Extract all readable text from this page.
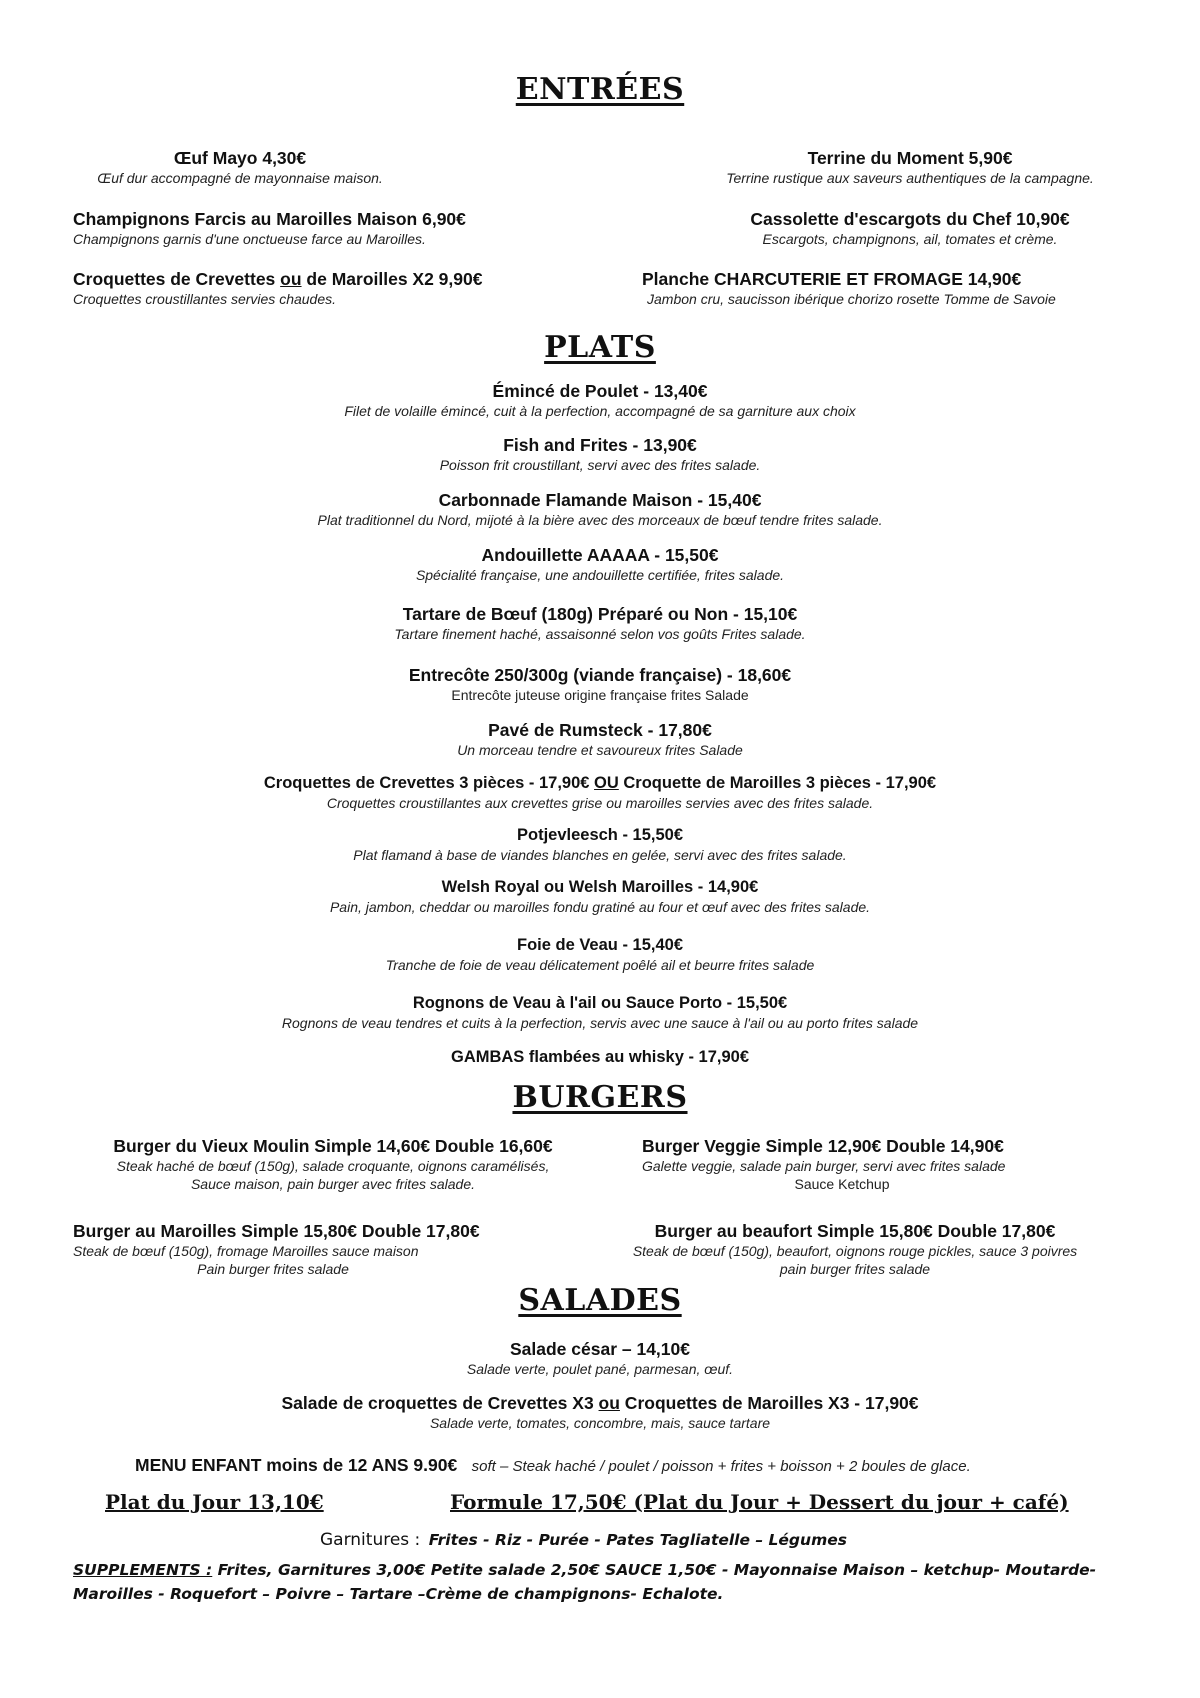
ENTRÉES
Œuf Mayo 4,30€
Œuf dur accompagné de mayonnaise maison.
Terrine du Moment 5,90€
Terrine rustique aux saveurs authentiques de la campagne.
Champignons Farcis au Maroilles Maison 6,90€
Champignons garnis d'une onctueuse farce au Maroilles.
Cassolette d'escargots du Chef 10,90€
Escargots, champignons, ail, tomates et crème.
Croquettes de Crevettes ou de Maroilles X2 9,90€
Croquettes croustillantes servies chaudes.
Planche CHARCUTERIE ET FROMAGE 14,90€
Jambon cru, saucisson ibérique chorizo rosette Tomme de Savoie
PLATS
Émincé de Poulet - 13,40€
Filet de volaille émincé, cuit à la perfection, accompagné de sa garniture aux choix
Fish and Frites - 13,90€
Poisson frit croustillant, servi avec des frites salade.
Carbonnade Flamande Maison - 15,40€
Plat traditionnel du Nord, mijoté à la bière avec des morceaux de bœuf tendre frites salade.
Andouillette AAAAA - 15,50€
Spécialité française, une andouillette certifiée, frites salade.
Tartare de Bœuf (180g) Préparé ou Non - 15,10€
Tartare finement haché, assaisonné selon vos goûts Frites salade.
Entrecôte 250/300g (viande française) - 18,60€
Entrecôte juteuse origine française frites Salade
Pavé de Rumsteck - 17,80€
Un morceau tendre et savoureux frites Salade
Croquettes de Crevettes 3 pièces - 17,90€ OU Croquette de Maroilles 3 pièces - 17,90€
Croquettes croustillantes aux crevettes grise ou maroilles servies avec des frites salade.
Potjevleesch - 15,50€
Plat flamand à base de viandes blanches en gelée, servi avec des frites salade.
Welsh Royal ou Welsh Maroilles - 14,90€
Pain, jambon, cheddar ou maroilles fondu gratiné au four et œuf avec des frites salade.
Foie de Veau - 15,40€
Tranche de foie de veau délicatement poêlé ail et beurre frites salade
Rognons de Veau à l'ail ou Sauce Porto - 15,50€
Rognons de veau tendres et cuits à la perfection, servis avec une sauce à l'ail ou au porto frites salade
GAMBAS flambées au whisky - 17,90€
BURGERS
Burger du Vieux Moulin Simple 14,60€ Double 16,60€
Steak haché de bœuf (150g), salade croquante, oignons caramélisés,
Sauce maison, pain burger avec frites salade.
Burger Veggie Simple 12,90€ Double 14,90€
Galette veggie, salade pain burger, servi avec frites salade
Sauce Ketchup
Burger au Maroilles Simple 15,80€ Double 17,80€
Steak de bœuf (150g), fromage Maroilles sauce maison
Pain burger frites salade
Burger au beaufort Simple 15,80€ Double 17,80€
Steak de bœuf (150g), beaufort, oignons rouge pickles, sauce 3 poivres
pain burger frites salade
SALADES
Salade césar – 14,10€
Salade verte, poulet pané, parmesan, œuf.
Salade de croquettes de Crevettes X3 ou Croquettes de Maroilles X3 - 17,90€
Salade verte, tomates, concombre, mais, sauce tartare
MENU ENFANT moins de 12 ANS 9.90€ soft – Steak haché / poulet / poisson + frites + boisson + 2 boules de glace.
Plat du Jour 13,10€	Formule 17,50€ (Plat du Jour + Dessert du jour + café)
Garnitures : Frites - Riz - Purée - Pates Tagliatelle – Légumes
SUPPLEMENTS : Frites, Garnitures 3,00€ Petite salade 2,50€ SAUCE 1,50€ - Mayonnaise Maison – ketchup- Moutarde-
Maroilles - Roquefort – Poivre – Tartare –Crème de champignons- Echalote.
